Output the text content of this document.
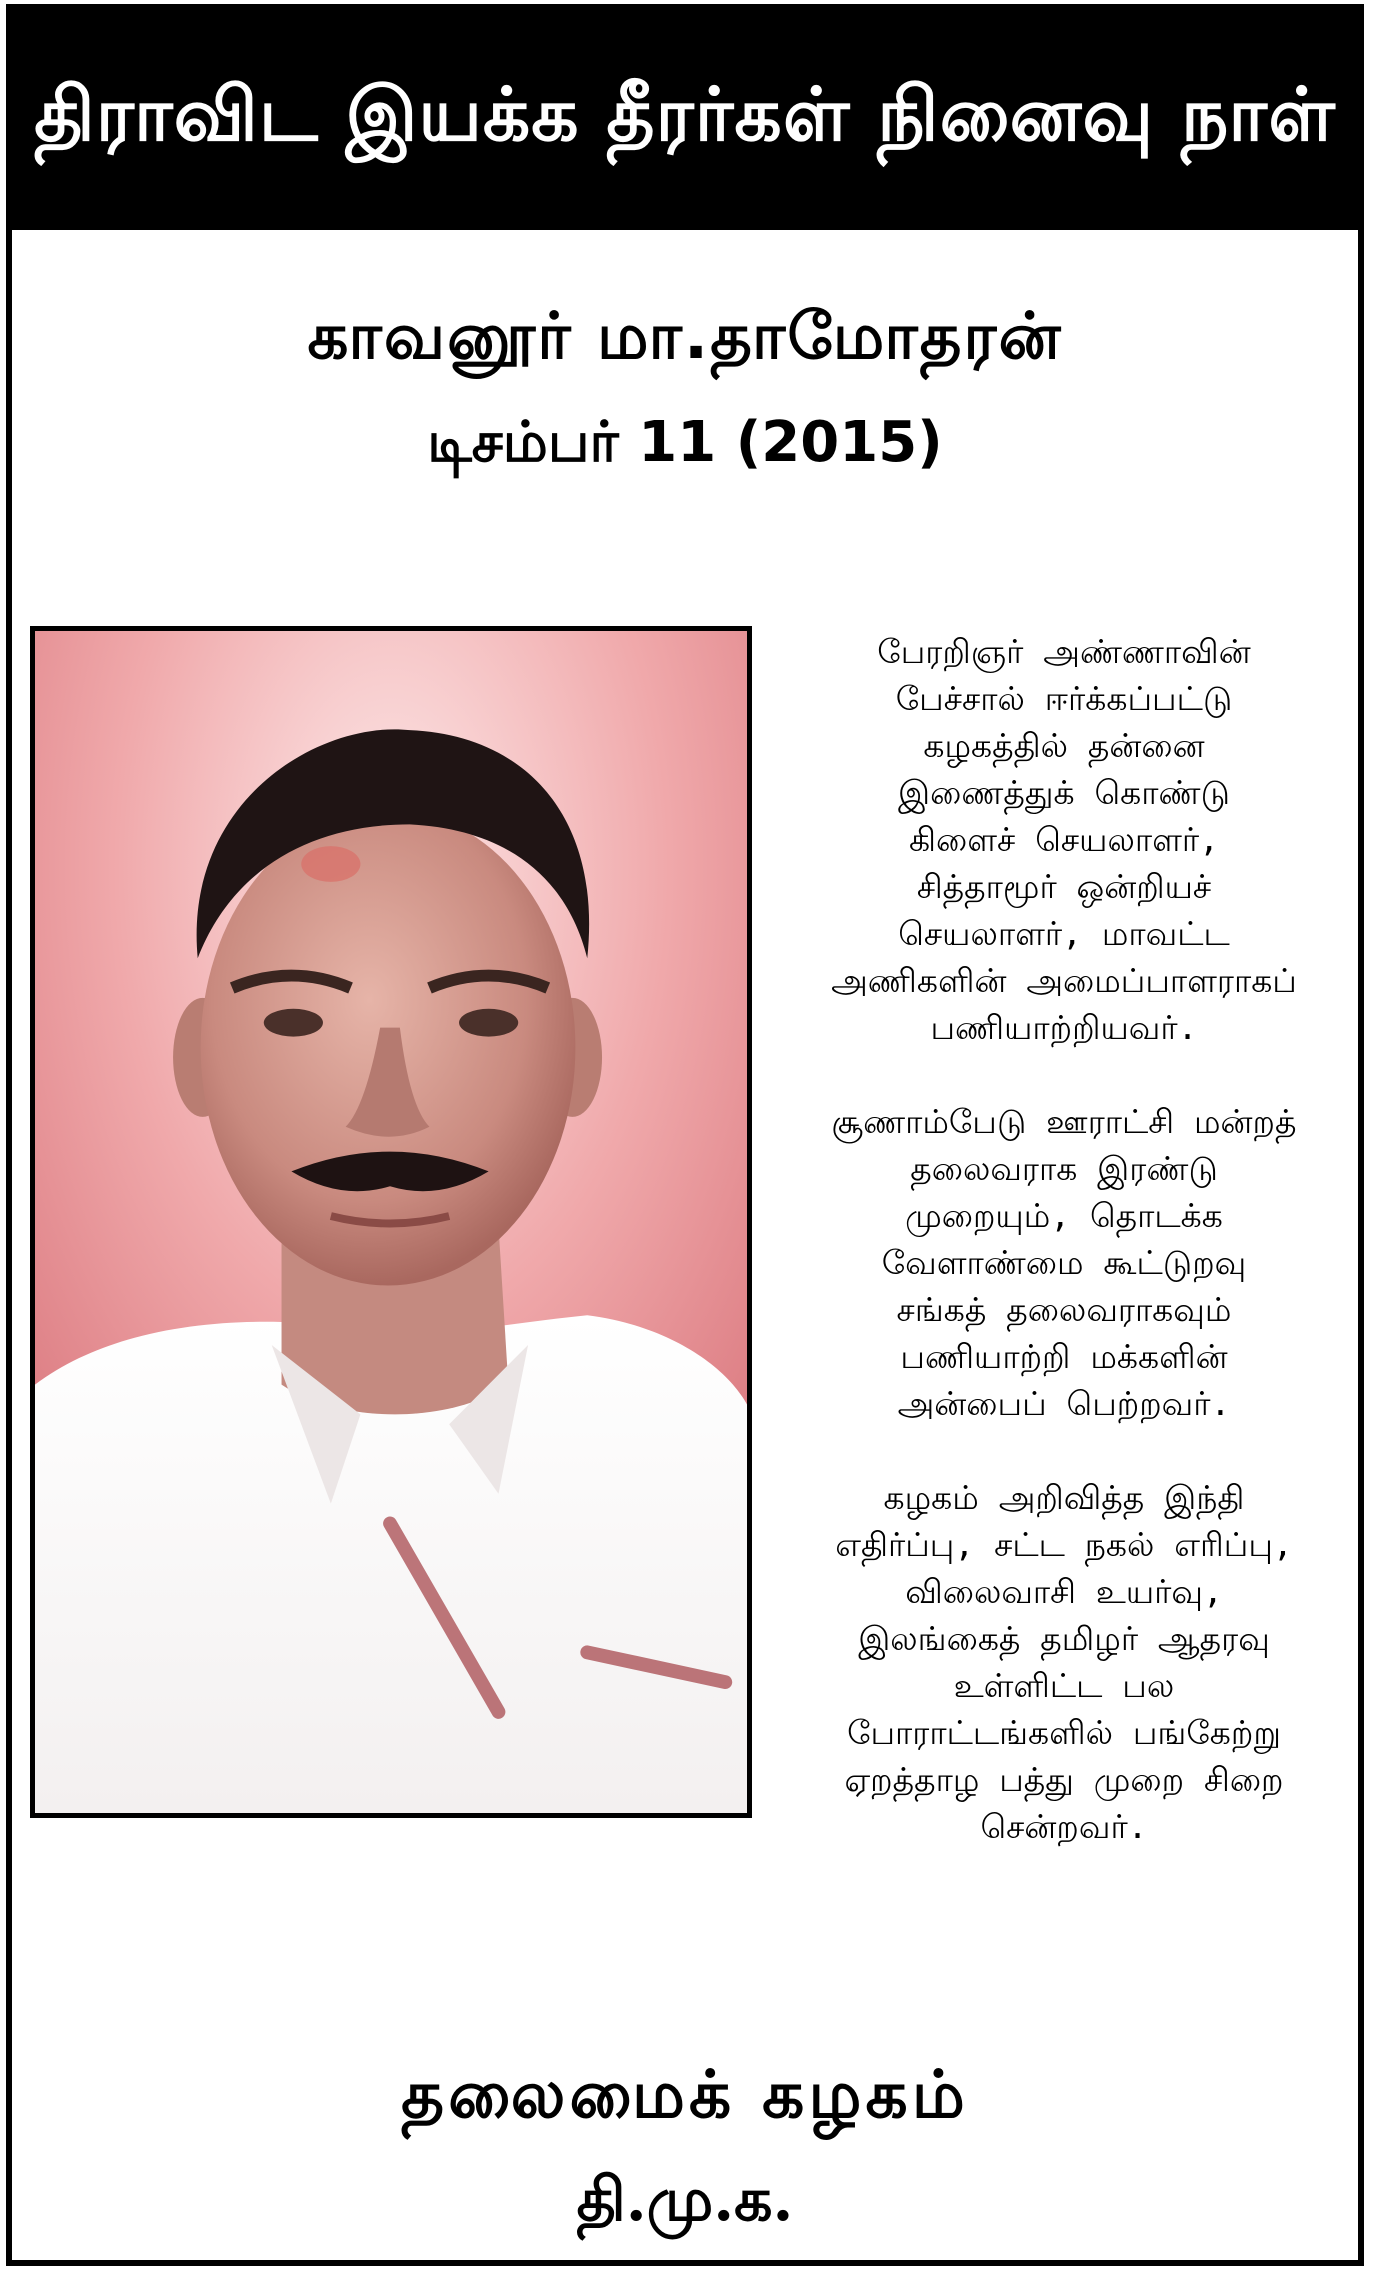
திராவிட இயக்க தீரர்கள் நினைவு நாள்
காவனூர் மா.தாமோதரன்
டிசம்பர் 11 (2015)
பேரறிஞர் அண்ணாவின்
பேச்சால் ஈர்க்கப்பட்டு
கழகத்தில் தன்னை
இணைத்துக் கொண்டு
கிளைச் செயலாளர்,
சித்தாமூர் ஒன்றியச்
செயலாளர், மாவட்ட
அணிகளின் அமைப்பாளராகப்
பணியாற்றியவர்.
சூணாம்பேடு ஊராட்சி மன்றத்
தலைவராக இரண்டு
முறையும், தொடக்க
வேளாண்மை கூட்டுறவு
சங்கத் தலைவராகவும்
பணியாற்றி மக்களின்
அன்பைப் பெற்றவர்.
கழகம் அறிவித்த இந்தி
எதிர்ப்பு, சட்ட நகல் எரிப்பு,
விலைவாசி உயர்வு,
இலங்கைத் தமிழர் ஆதரவு
உள்ளிட்ட பல
போராட்டங்களில் பங்கேற்று
ஏறத்தாழ பத்து முறை சிறை
சென்றவர்.
தலைமைக் கழகம்
தி.மு.க.
